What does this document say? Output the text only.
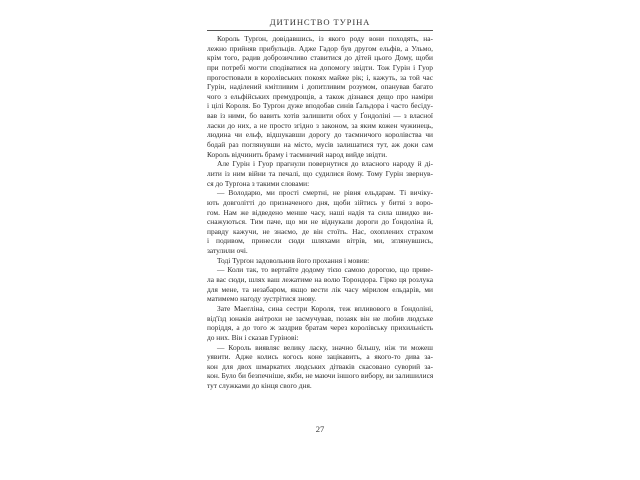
ДИТИНСТВО ТУРІНА
Король Турґон, довідавшись, із якого роду вони походять, на-
лежно прийняв прибульців. Адже Гадор був другом ельфів, а Ульмо,
крім того, радив доброзичливо ставитися до дітей цього Дому, щоби
при потребі могти сподіватися на допомогу звідти. Тож Гурін і Гуор
прогостювали в королівських покоях майже рік; і, кажуть, за той час
Гурін, наділений кмітливим і допитливим розумом, опанував багато
чого з ельфійських премудрощів, а також дізнався дещо про наміри
і цілі Короля. Бо Турґон дуже вподобав синів Ґальдора і часто бесіду-
вав із ними, бо вавить хотів залишити обох у Ґондоліні — з власної
ласки до них, а не просто згідно з законом, за яким кожен чужинець,
людина чи ельф, відшукавши дорогу до таємничого королівства чи
бодай раз поглянувши на місто, мусів залишатися тут, аж доки сам
Король відчинить браму і таємничий народ вийде звідти.
Але Гурін і Гуор прагнули повернутися до власного народу й ді-
лити із ним війни та печалі, що судилися йому. Тому Гурін звернув-
ся до Турґона з такими словами:
— Володарю, ми прості смертні, не рівня ельдарам. Ті вичіку-
ють довголітті до призначеного дня, щоби зійтись у битві з воро-
гом. Нам же відведено менше часу, наші надія та сила швидко ви-
снажуються. Тим паче, що ми не віднукали дороги до Ґондоліна й,
правду кажучи, не знаємо, де він стоїть. Нас, охоплених страхом
і подивом, принесли сюди шляхами вітрів, ми, зглянувшись,
затулили очі.
Тоді Турґон задовольнив його прохання і мовив:
— Коли так, то вертайте додому тією самою дорогою, що приве-
ла вас сюди, шлях ваш лежатиме на волю Торондора. Гірко ця розлука
для мене, та незабаром, якщо вести лік часу мірилом ельдарів, ми
матимемо нагоду зустрітися знову.
Зате Маегліна, сина сестри Короля, теж впливового в Ґондоліні,
від'їзд юнаків анітрохи не засмучував, позаяк він не любив людське
поріддя, а до того ж заздрив братам через королівську прихильність
до них. Він і сказав Гурінові:
— Король виявляє велику ласку, значно більшу, ніж ти можеш
уявити. Адже колись когось коне зацікавить, а якого-то дива за-
кон для двох шмаркатих людських дітваків скасовано суворий за-
кон. Було би безпечніше, якби, не маючи іншого вибору, ви залишилися
тут служками до кінця свого дня.
27
